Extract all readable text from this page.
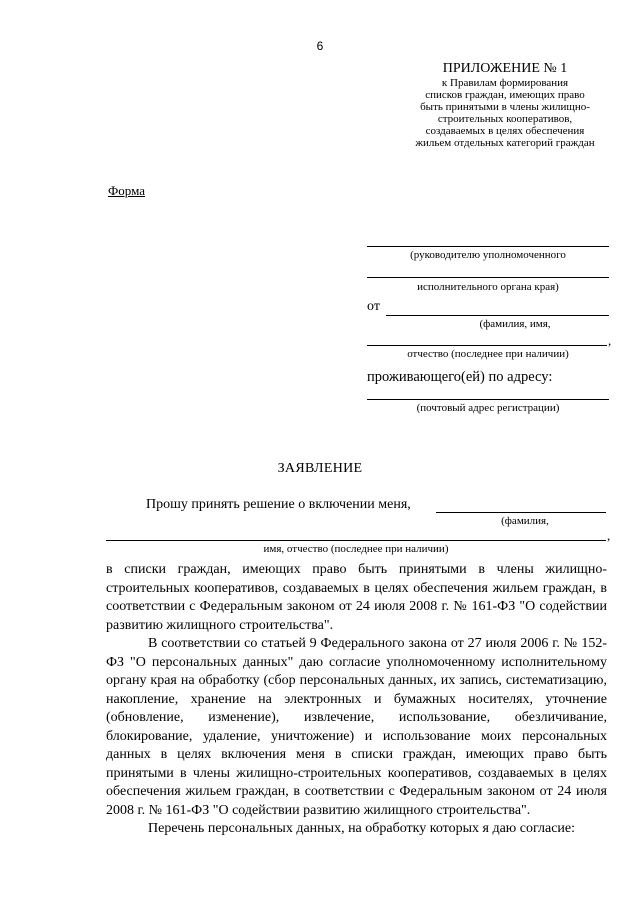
6
ПРИЛОЖЕНИЕ № 1
к Правилам формирования
списков граждан, имеющих право
быть принятыми в члены жилищно-
строительных кооперативов,
создаваемых в целях обеспечения
жильем отдельных категорий граждан
Форма
(руководителю уполномоченного
исполнительного органа края)
от
(фамилия, имя,
,
отчество (последнее при наличии)
проживающего(ей) по адресу:
(почтовый адрес регистрации)
ЗАЯВЛЕНИЕ
Прошу принять решение о включении меня,
(фамилия,
,
имя, отчество (последнее при наличии)

в списки граждан, имеющих право быть принятыми в члены жилищно-строительных кооперативов, создаваемых в целях обеспечения жильем граждан, в соответствии с Федеральным законом от 24 июля 2008 г. № 161-ФЗ "О содействии развитию жилищного строительства".

В соответствии со статьей 9 Федерального закона от 27 июля 2006 г. № 152-ФЗ "О персональных данных" даю согласие уполномоченному исполнительному органу края на обработку (сбор персональных данных, их запись, систематизацию, накопление, хранение на электронных и бумажных носителях, уточнение (обновление, изменение), извлечение, использование, обезличивание, блокирование, удаление, уничтожение) и использование моих персональных данных в целях включения меня в списки граждан, имеющих право быть принятыми в члены жилищно-строительных кооперативов, создаваемых в целях обеспечения жильем граждан, в соответствии с Федеральным законом от 24 июля 2008 г. № 161-ФЗ "О содействии развитию жилищного строительства".

Перечень персональных данных, на обработку которых я даю согласие:
